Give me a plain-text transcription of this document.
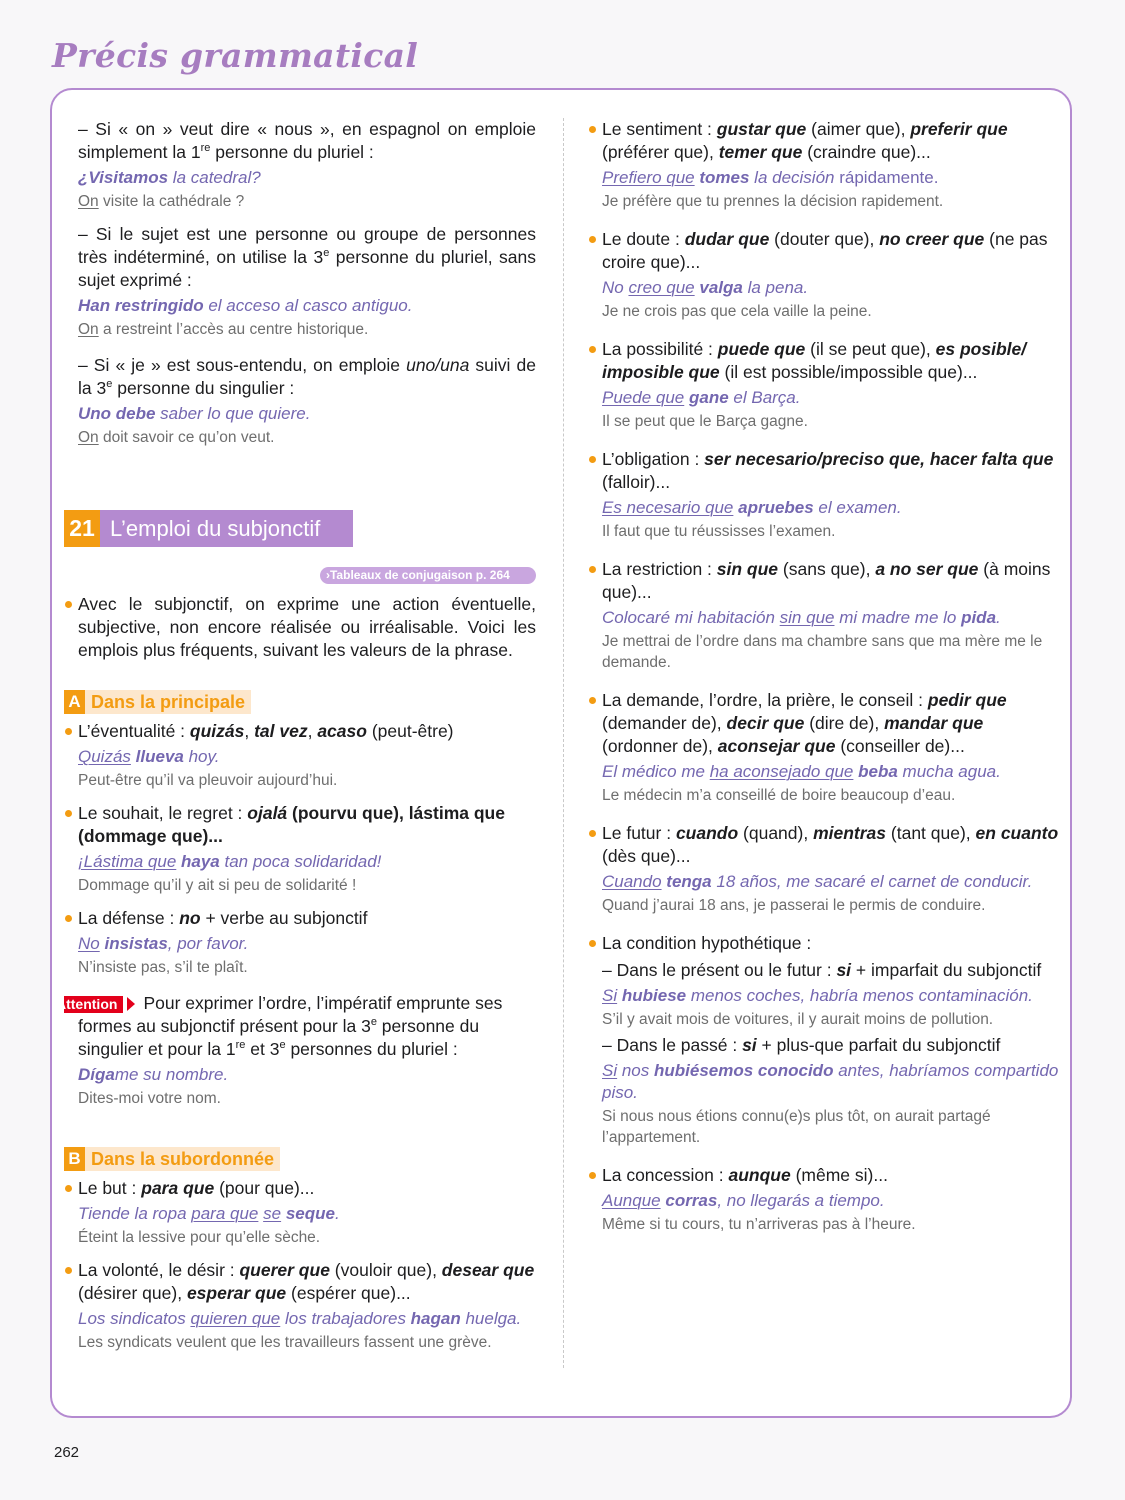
Précis grammatical

– Si « on » veut dire « nous », en espagnol on emploie simplement la 1re personne du pluriel :

¿Visitamos la catedral?

On visite la cathédrale ?

– Si le sujet est une personne ou groupe de personnes très indéterminé, on utilise la 3e personne du pluriel, sans sujet exprimé :

Han restringido el acceso al casco antiguo.

On a restreint l’accès au centre historique.

– Si « je » est sous-entendu, on emploie uno/una suivi de la 3e personne du singulier :

Uno debe saber lo que quiere.

On doit savoir ce qu’on veut.

21 L’emploi du subjonctif
›Tableaux de conjugaison p. 264

Avec le subjonctif, on exprime une action éventuelle, subjective, non encore réalisée ou irréalisable. Voici les emplois plus fréquents, suivant les valeurs de la phrase.

A Dans la principale

L’éventualité : quizás, tal vez, acaso (peut-être)

Quizás llueva hoy.

Peut-être qu’il va pleuvoir aujourd’hui.

Le souhait, le regret : ojalá (pourvu que), lástima que (dommage que)...

¡Lástima que haya tan poca solidaridad!

Dommage qu’il y ait si peu de solidarité !

La défense : no + verbe au subjonctif

No insistas, por favor.

N’insiste pas, s’il te plaît.

Attention Pour exprimer l’ordre, l’impératif emprunte ses formes au subjonctif présent pour la 3e personne du singulier et pour la 1re et 3e personnes du pluriel :

Dígame su nombre.

Dites-moi votre nom.

B Dans la subordonnée

Le but : para que (pour que)...

Tiende la ropa para que se seque.

Éteint la lessive pour qu’elle sèche.

La volonté, le désir : querer que (vouloir que), desear que (désirer que), esperar que (espérer que)...

Los sindicatos quieren que los trabajadores hagan huelga.

Les syndicats veulent que les travailleurs fassent une grève.

Le sentiment : gustar que (aimer que), preferir que (préférer que), temer que (craindre que)...

Prefiero que tomes la decisión rápidamente.

Je préfère que tu prennes la décision rapidement.

Le doute : dudar que (douter que), no creer que (ne pas croire que)...

No creo que valga la pena.

Je ne crois pas que cela vaille la peine.

La possibilité : puede que (il se peut que), es posible/ imposible que (il est possible/impossible que)...

Puede que gane el Barça.

Il se peut que le Barça gagne.

L’obligation : ser necesario/preciso que, hacer falta que (falloir)...

Es necesario que apruebes el examen.

Il faut que tu réussisses l’examen.

La restriction : sin que (sans que), a no ser que (à moins que)...

Colocaré mi habitación sin que mi madre me lo pida.

Je mettrai de l’ordre dans ma chambre sans que ma mère me le demande.

La demande, l’ordre, la prière, le conseil : pedir que (demander de), decir que (dire de), mandar que (ordonner de), aconsejar que (conseiller de)...

El médico me ha aconsejado que beba mucha agua.

Le médecin m’a conseillé de boire beaucoup d’eau.

Le futur : cuando (quand), mientras (tant que), en cuanto (dès que)...

Cuando tenga 18 años, me sacaré el carnet de conducir.

Quand j’aurai 18 ans, je passerai le permis de conduire.

La condition hypothétique :

– Dans le présent ou le futur : si + imparfait du subjonctif

Si hubiese menos coches, habría menos contaminación.

S’il y avait mois de voitures, il y aurait moins de pollution.

– Dans le passé : si + plus-que parfait du subjonctif

Si nos hubiésemos conocido antes, habríamos compartido piso.

Si nous nous étions connu(e)s plus tôt, on aurait partagé l’appartement.

La concession : aunque (même si)...

Aunque corras, no llegarás a tiempo.

Même si tu cours, tu n’arriveras pas à l’heure.

262
